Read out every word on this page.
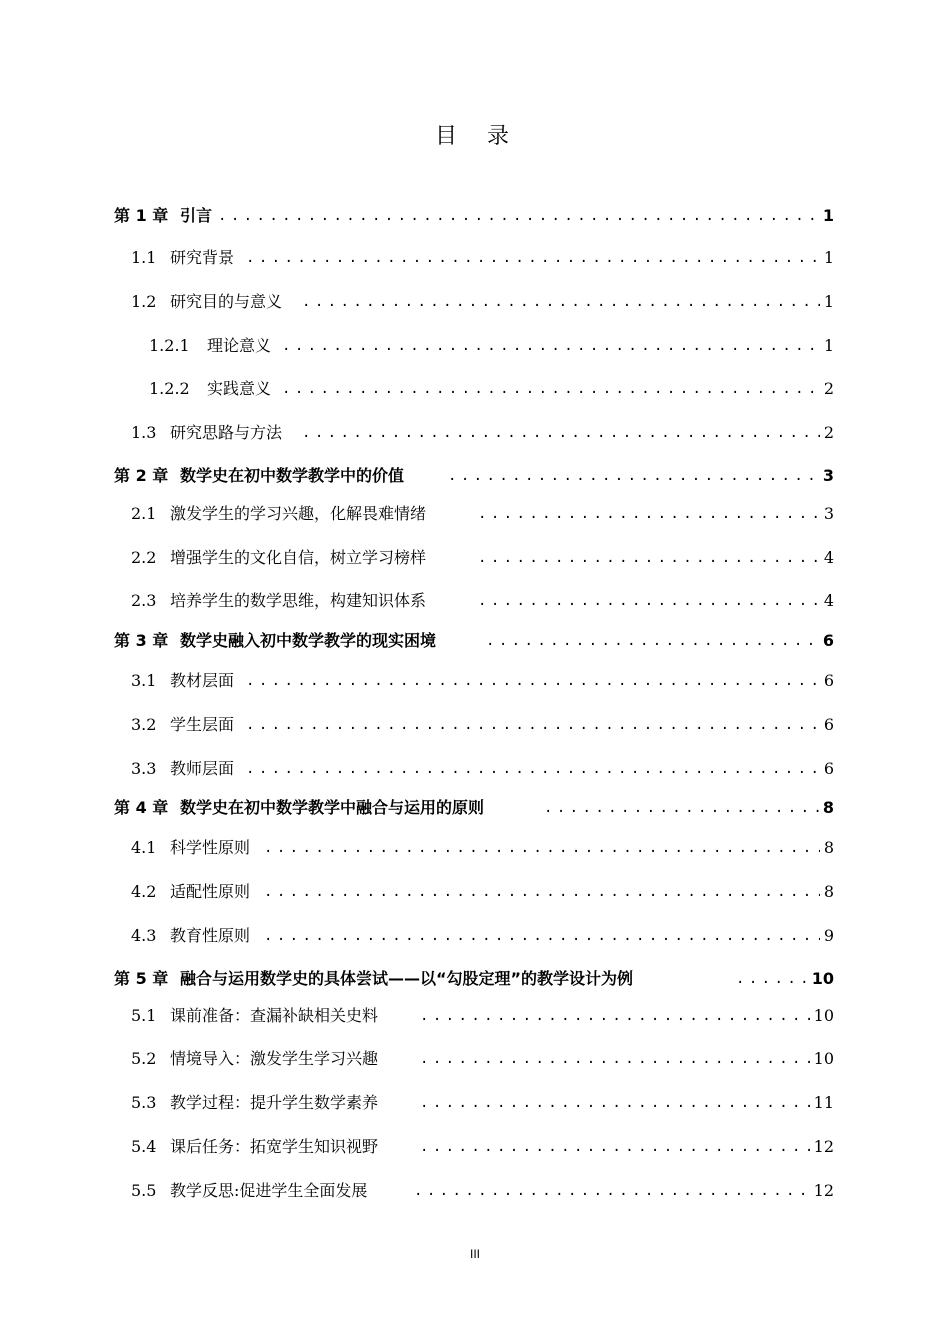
目 录
第 1 章 引言 .....	1
1.1 研究背景 .....	1
1.2 研究目的与意义 .....	1
1.2.1 理论意义 .....	1
1.2.2 实践意义 .....	2
1.3 研究思路与方法 .....	2
第 2 章 数学史在初中数学教学中的价值 .....	3
2.1 激发学生的学习兴趣，化解畏难情绪 .....	3
2.2 增强学生的文化自信，树立学习榜样 .....	4
2.3 培养学生的数学思维，构建知识体系 .....	4
第 3 章 数学史融入初中数学教学的现实困境 .....	6
3.1 教材层面 .....	6
3.2 学生层面 .....	6
3.3 教师层面 .....	6
第 4 章 数学史在初中数学教学中融合与运用的原则 .....	8
4.1 科学性原则 .....	8
4.2 适配性原则 .....	8
4.3 教育性原则 .....	9
第 5 章 融合与运用数学史的具体尝试——以“勾股定理”的教学设计为例 .....	10
5.1 课前准备：查漏补缺相关史料 .....	10
5.2 情境导入：激发学生学习兴趣 .....	10
5.3 教学过程：提升学生数学素养 .....	11
5.4 课后任务：拓宽学生知识视野 .....	12
5.5 教学反思:促进学生全面发展 .....	12
III
